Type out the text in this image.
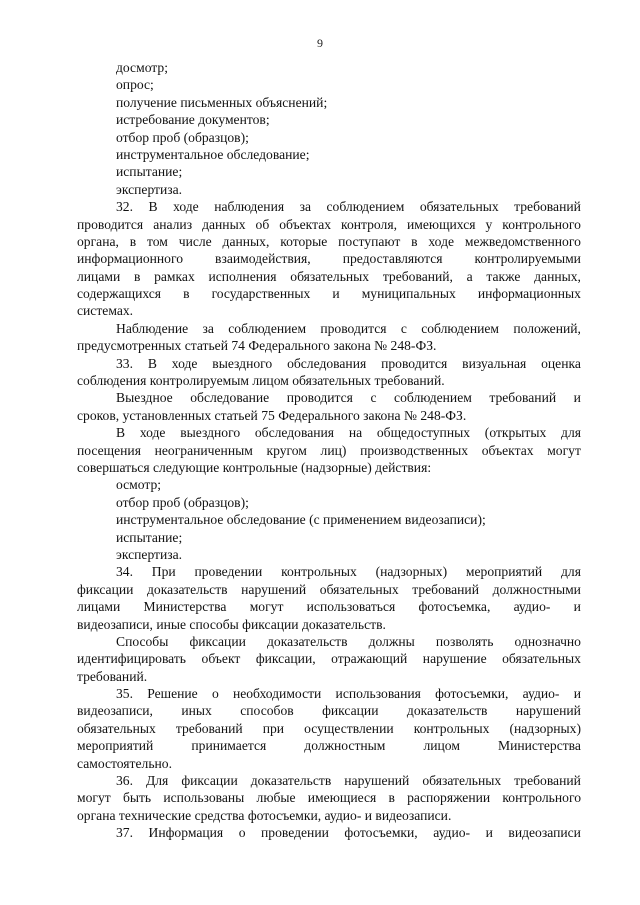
9
досмотр;
опрос;
получение письменных объяснений;
истребование документов;
отбор проб (образцов);
инструментальное обследование;
испытание;
экспертиза.
32. В ходе наблюдения за соблюдением обязательных требований
проводится анализ данных об объектах контроля, имеющихся у контрольного
органа, в том числе данных, которые поступают в ходе межведомственного
информационного взаимодействия, предоставляются контролируемыми
лицами в рамках исполнения обязательных требований, а также данных,
содержащихся в государственных и муниципальных информационных
системах.
Наблюдение за соблюдением проводится с соблюдением положений,
предусмотренных статьей 74 Федерального закона № 248-ФЗ.
33. В ходе выездного обследования проводится визуальная оценка
соблюдения контролируемым лицом обязательных требований.
Выездное обследование проводится с соблюдением требований и
сроков, установленных статьей 75 Федерального закона № 248-ФЗ.
В ходе выездного обследования на общедоступных (открытых для
посещения неограниченным кругом лиц) производственных объектах могут
совершаться следующие контрольные (надзорные) действия:
осмотр;
отбор проб (образцов);
инструментальное обследование (с применением видеозаписи);
испытание;
экспертиза.
34. При проведении контрольных (надзорных) мероприятий для
фиксации доказательств нарушений обязательных требований должностными
лицами Министерства могут использоваться фотосъемка, аудио- и
видеозаписи, иные способы фиксации доказательств.
Способы фиксации доказательств должны позволять однозначно
идентифицировать объект фиксации, отражающий нарушение обязательных
требований.
35. Решение о необходимости использования фотосъемки, аудио- и
видеозаписи, иных способов фиксации доказательств нарушений
обязательных требований при осуществлении контрольных (надзорных)
мероприятий	принимается	должностным	лицом	Министерства
самостоятельно.
36. Для фиксации доказательств нарушений обязательных требований
могут быть использованы любые имеющиеся в распоряжении контрольного
органа технические средства фотосъемки, аудио- и видеозаписи.
37. Информация о проведении фотосъемки, аудио- и видеозаписи
